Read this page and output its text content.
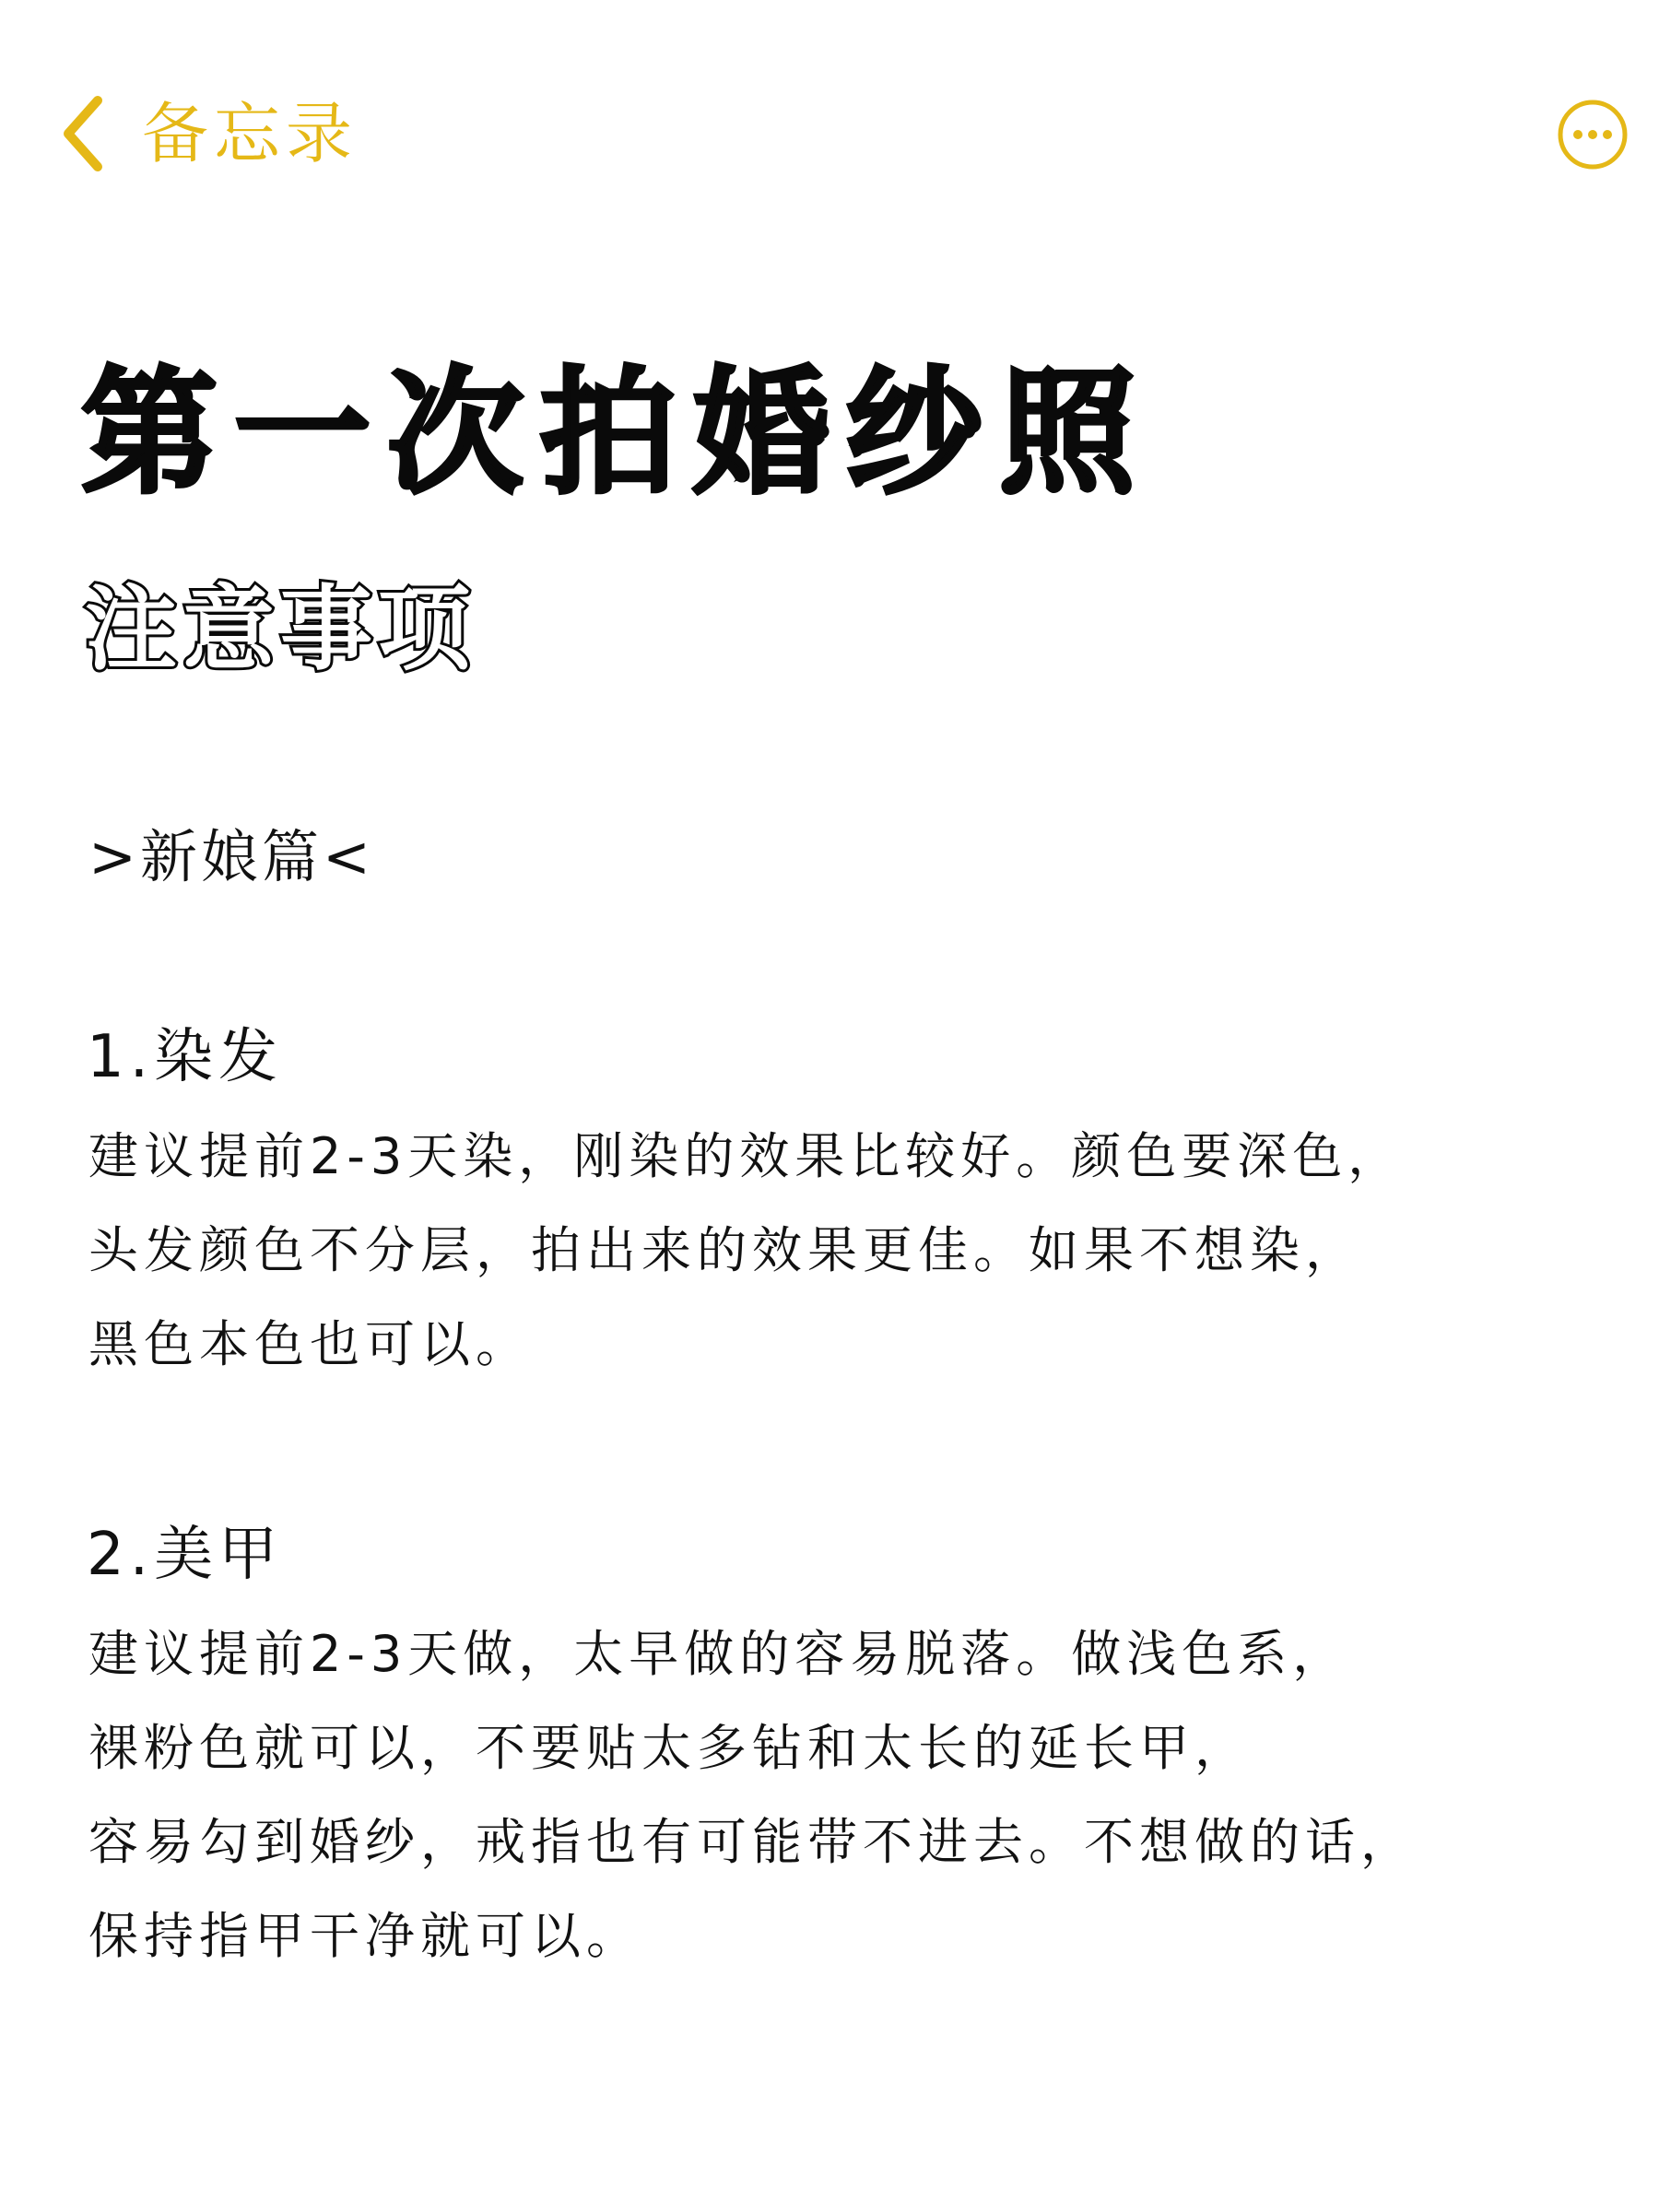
备忘录
第一次拍婚纱照
注意事项
>新娘篇<
1.染发
建议提前2-3天染，刚染的效果比较好。颜色要深色，
头发颜色不分层，拍出来的效果更佳。如果不想染，
黑色本色也可以。
2.美甲
建议提前2-3天做，太早做的容易脱落。做浅色系，
裸粉色就可以，不要贴太多钻和太长的延长甲，
容易勾到婚纱，戒指也有可能带不进去。不想做的话，
保持指甲干净就可以。
